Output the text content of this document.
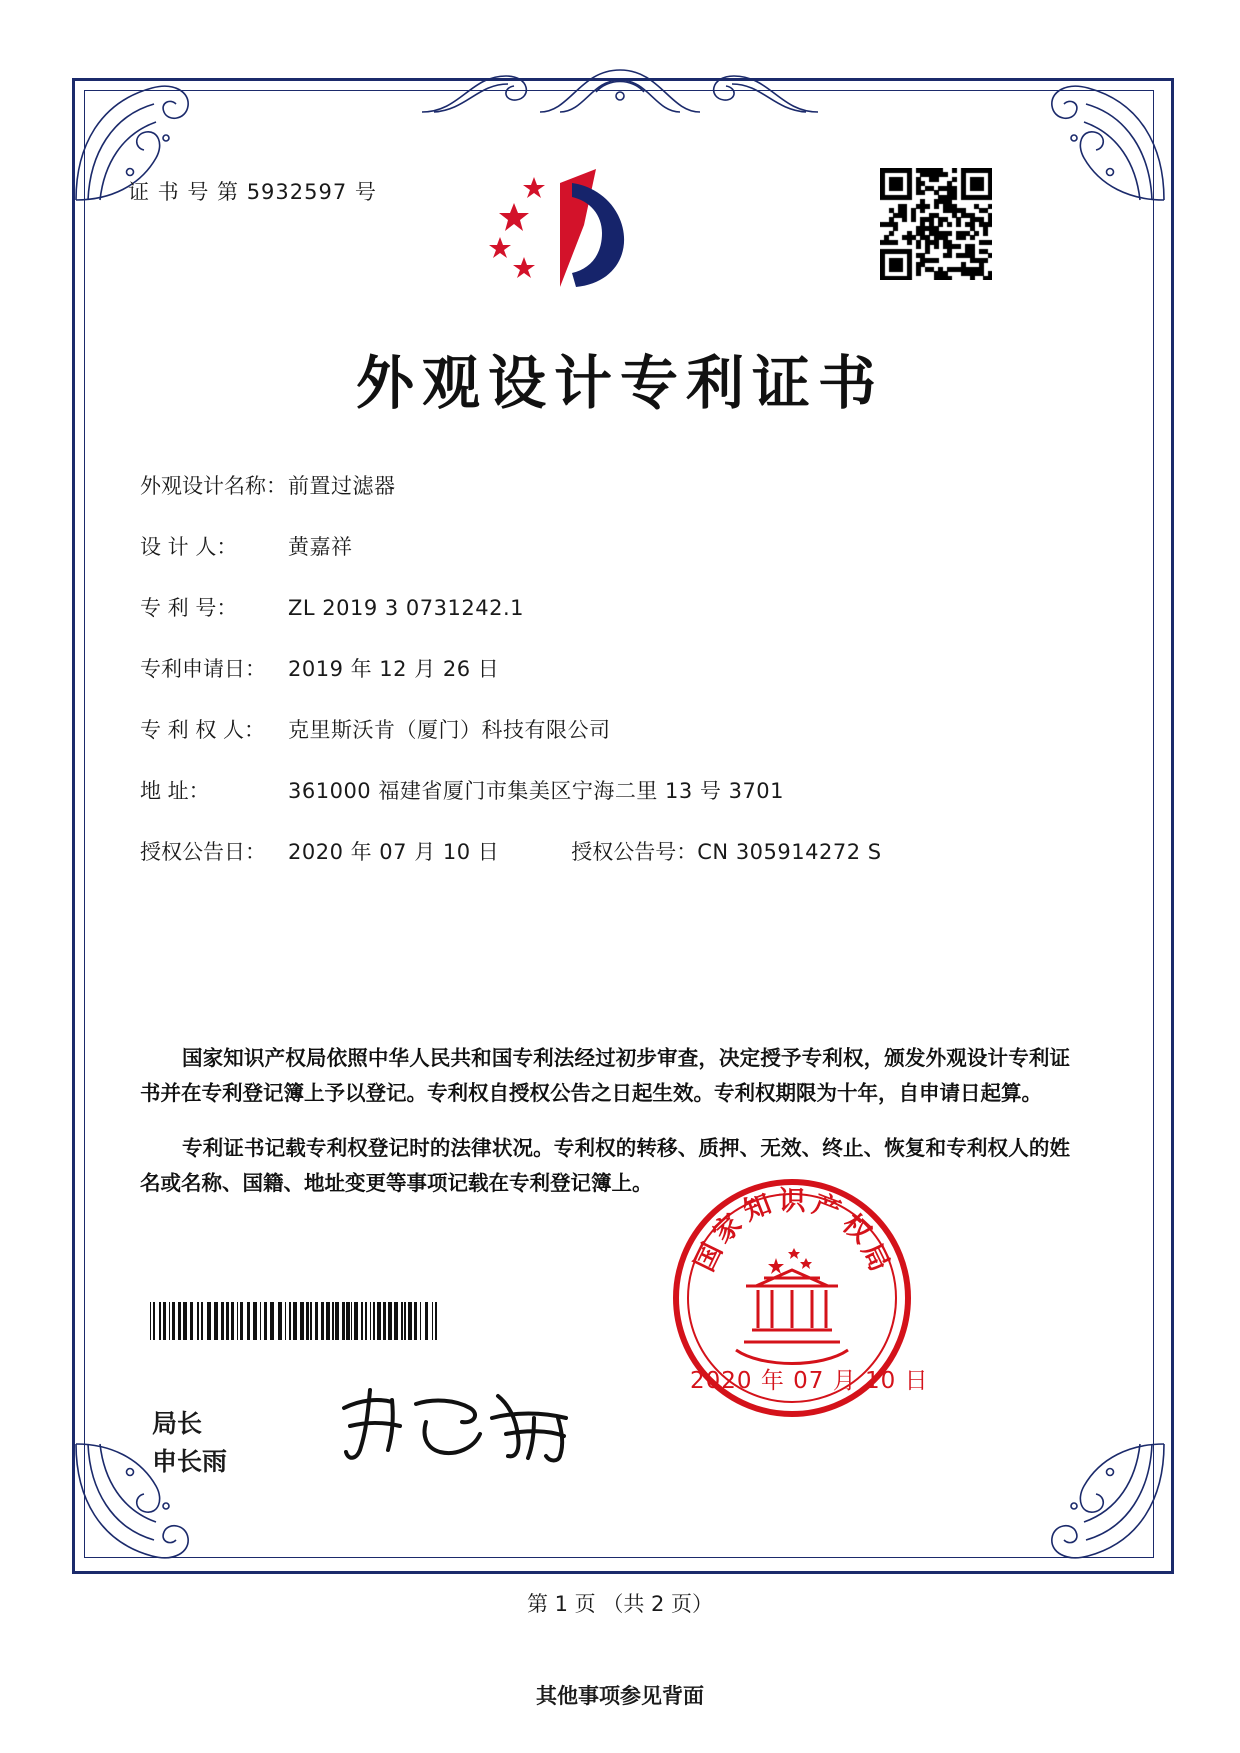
证 书 号 第 5932597 号
外观设计专利证书
外观设计名称： 前置过滤器
设 计 人：	黄嘉祥
专 利 号：	ZL 2019 3 0731242.1
专利申请日：	2019 年 12 月 26 日
专 利 权 人：	克里斯沃肯（厦门）科技有限公司
地 址：	361000 福建省厦门市集美区宁海二里 13 号 3701
授权公告日：	2020 年 07 月 10 日	授权公告号： CN 305914272 S

国家知识产权局依照中华人民共和国专利法经过初步审查，决定授予专利权，颁发外观设计专利证书并在专利登记簿上予以登记。专利权自授权公告之日起生效。专利权期限为十年，自申请日起算。

专利证书记载专利权登记时的法律状况。专利权的转移、质押、无效、终止、恢复和专利权人的姓名或名称、国籍、地址变更等事项记载在专利登记簿上。

局长
申长雨
国
家
知 识 产
权
局
2020 年 07 月 10 日
第 1 页 （共 2 页）
其他事项参见背面
